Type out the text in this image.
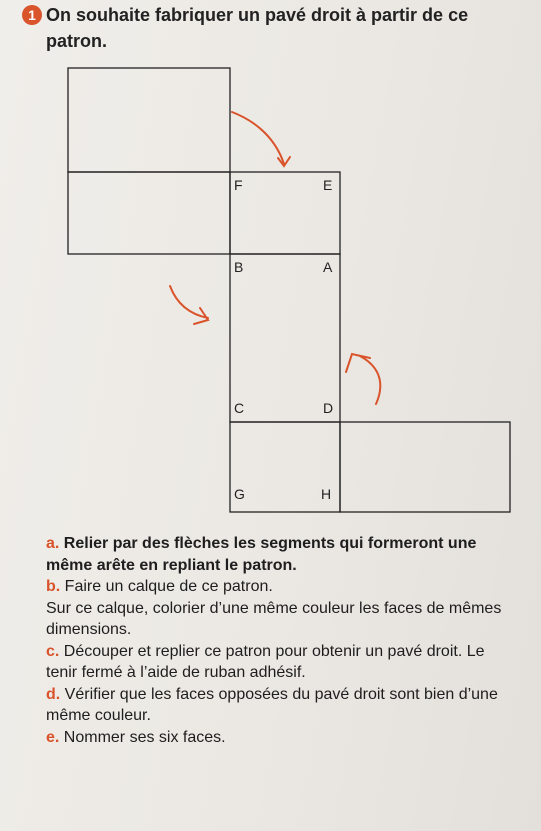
1 On souhaite fabriquer un pavé droit à partir de ce patron.
F	E
B	A
C	D
G	H

a. Relier par des flèches les segments qui formeront une même arête en repliant le patron.

b. Faire un calque de ce patron.

Sur ce calque, colorier d’une même couleur les faces de mêmes dimensions.

c. Découper et replier ce patron pour obtenir un pavé droit. Le tenir fermé à l’aide de ruban adhésif.

d. Vérifier que les faces opposées du pavé droit sont bien d’une même couleur.

e. Nommer ses six faces.
